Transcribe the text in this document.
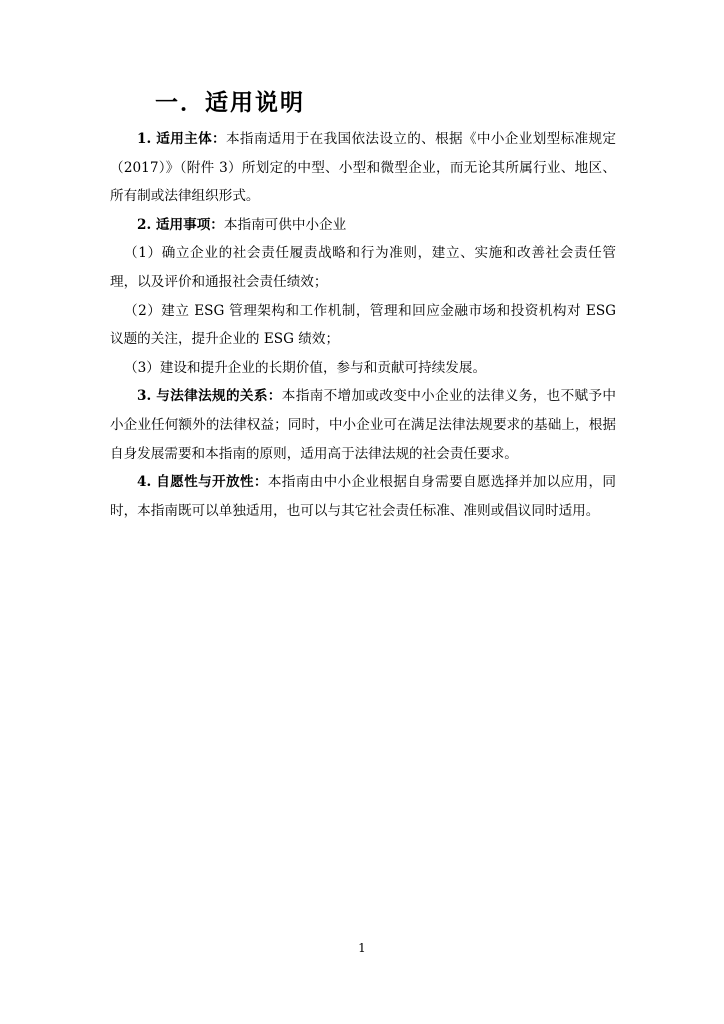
一．适用说明

1. 适用主体：本指南适用于在我国依法设立的、根据《中小企业划型标准规定（2017）》（附件 3）所划定的中型、小型和微型企业，而无论其所属行业、地区、所有制或法律组织形式。

2. 适用事项：本指南可供中小企业

（1）确立企业的社会责任履责战略和行为准则，建立、实施和改善社会责任管理，以及评价和通报社会责任绩效；

（2）建立 ESG 管理架构和工作机制，管理和回应金融市场和投资机构对 ESG 议题的关注，提升企业的 ESG 绩效；

（3）建设和提升企业的长期价值，参与和贡献可持续发展。

3. 与法律法规的关系：本指南不增加或改变中小企业的法律义务，也不赋予中小企业任何额外的法律权益；同时，中小企业可在满足法律法规要求的基础上，根据自身发展需要和本指南的原则，适用高于法律法规的社会责任要求。

4. 自愿性与开放性：本指南由中小企业根据自身需要自愿选择并加以应用，同时，本指南既可以单独适用，也可以与其它社会责任标准、准则或倡议同时适用。

1
